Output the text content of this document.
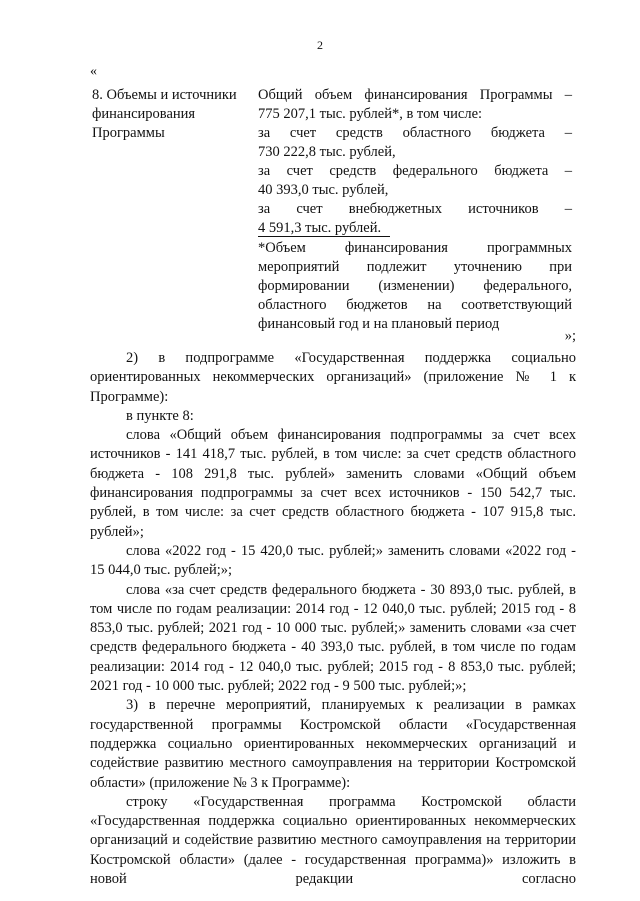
2
«
8. Объемы и источники финансирования Программы

Общий объем финансирования Программы –

775 207,1 тыс. рублей*, в том числе:

за счет средств областного бюджета –

730 222,8 тыс. рублей,

за счет средств федерального бюджета –

40 393,0 тыс. рублей,

за счет внебюджетных источников –

4 591,3 тыс. рублей.

*Объем финансирования программных

мероприятий подлежит уточнению при

формировании (изменении) федерального,

областного бюджетов на соответствующий

финансовый год и на плановый период

»;

2) в подпрограмме «Государственная поддержка социально ориентированных некоммерческих организаций» (приложение № 1 к Программе):

в пункте 8:

слова «Общий объем финансирования подпрограммы за счет всех источников - 141 418,7 тыс. рублей, в том числе: за счет средств областного бюджета - 108 291,8 тыс. рублей» заменить словами «Общий объем финансирования подпрограммы за счет всех источников - 150 542,7 тыс. рублей, в том числе: за счет средств областного бюджета - 107 915,8 тыс. рублей»;

слова «2022 год - 15 420,0 тыс. рублей;» заменить словами «2022 год - 15 044,0 тыс. рублей;»;

слова «за счет средств федерального бюджета - 30 893,0 тыс. рублей, в том числе по годам реализации: 2014 год - 12 040,0 тыс. рублей; 2015 год - 8 853,0 тыс. рублей; 2021 год - 10 000 тыс. рублей;» заменить словами «за счет средств федерального бюджета - 40 393,0 тыс. рублей, в том числе по годам реализации: 2014 год - 12 040,0 тыс. рублей; 2015 год - 8 853,0 тыс. рублей; 2021 год - 10 000 тыс. рублей; 2022 год - 9 500 тыс. рублей;»;

3) в перечне мероприятий, планируемых к реализации в рамках государственной программы Костромской области «Государственная поддержка социально ориентированных некоммерческих организаций и содействие развитию местного самоуправления на территории Костромской области» (приложение № 3 к Программе):

строку «Государственная программа Костромской области «Государственная поддержка социально ориентированных некоммерческих организаций и содействие развитию местного самоуправления на территории Костромской области» (далее - государственная программа)» изложить в новой редакции согласно
